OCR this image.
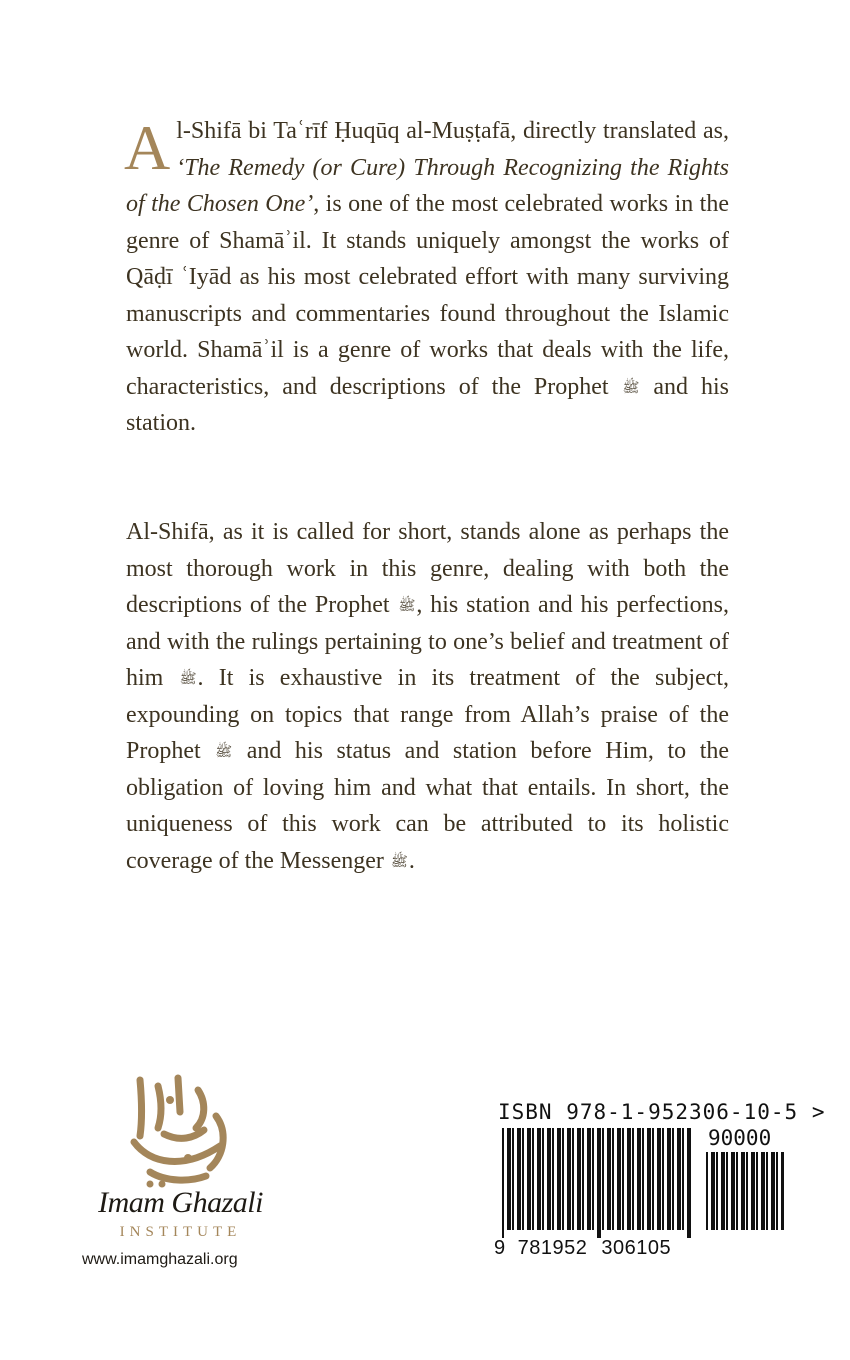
Al-Shifā bi Taʿrīf Ḥuqūq al-Muṣṭafā, directly translated as, ‘The Remedy (or Cure) Through Recognizing the Rights of the Chosen One’, is one of the most celebrated works in the genre of Shamāʾil. It stands uniquely amongst the works of Qāḍī ʿIyād as his most celebrated effort with many surviving manuscripts and commentaries found throughout the Islamic world. Shamāʾil is a genre of works that deals with the life, characteristics, and descriptions of the Prophet ﷺ and his station.
Al-Shifā, as it is called for short, stands alone as perhaps the most thorough work in this genre, dealing with both the descriptions of the Prophet ﷺ, his station and his perfections, and with the rulings pertaining to one’s belief and treatment of him ﷺ. It is exhaustive in its treatment of the subject, expounding on topics that range from Allah’s praise of the Prophet ﷺ and his status and station before Him, to the obligation of loving him and what that entails. In short, the uniqueness of this work can be attributed to its holistic coverage of the Messenger ﷺ.
Imam Ghazali
INSTITUTE
www.imamghazali.org
ISBN 978-1-952306-10-5 >
90000
9 781952 306105
